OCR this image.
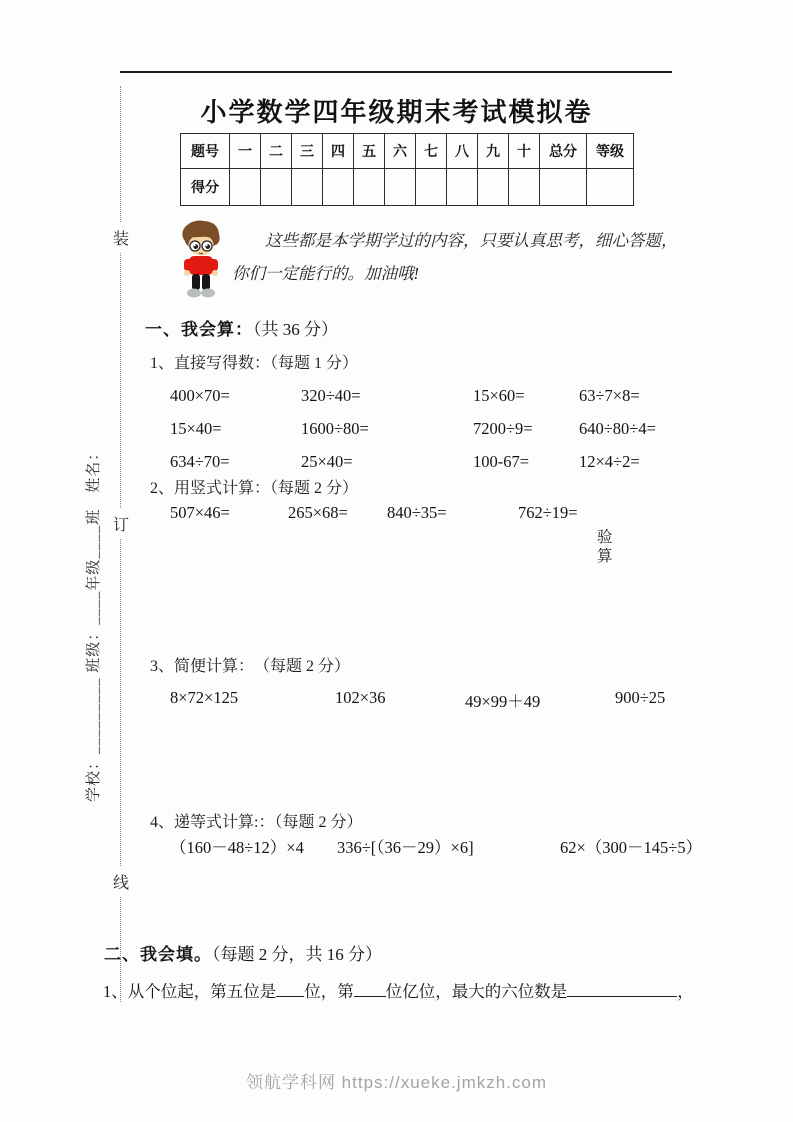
装
订
线
学校：_________ 班级：____年级____班　姓名：
小学数学四年级期末考试模拟卷
题号	一	二	三	四	五	六	七	八	九	十	总分	等级
得分												
这些都是本学期学过的内容，只要认真思考，细心答题，你们一定能行的。加油哦!
一、我会算：（共 36 分）
1、直接写得数：（每题 1 分）
400×70=	320÷40=	15×60=	63÷7×8=
15×40=	1600÷80=	7200÷9=	640÷80÷4=
634÷70=	25×40=	100-67=	12×4÷2=
2、用竖式计算：（每题 2 分）
507×46=	265×68=	840÷35=	762÷19=
验算
3、简便计算：　（每题 2 分）
8×72×125	102×36	49×99＋49	900÷25
4、递等式计算:：（每题 2 分）
（160－48÷12）×4	336÷[（36－29）×6]	62×（300－145÷5）
二、我会填。（每题 2 分，共 16 分）
1、从个位起，第五位是 位，第 位亿位，最大的六位数是	，
领航学科网 https://xueke.jmkzh.com
